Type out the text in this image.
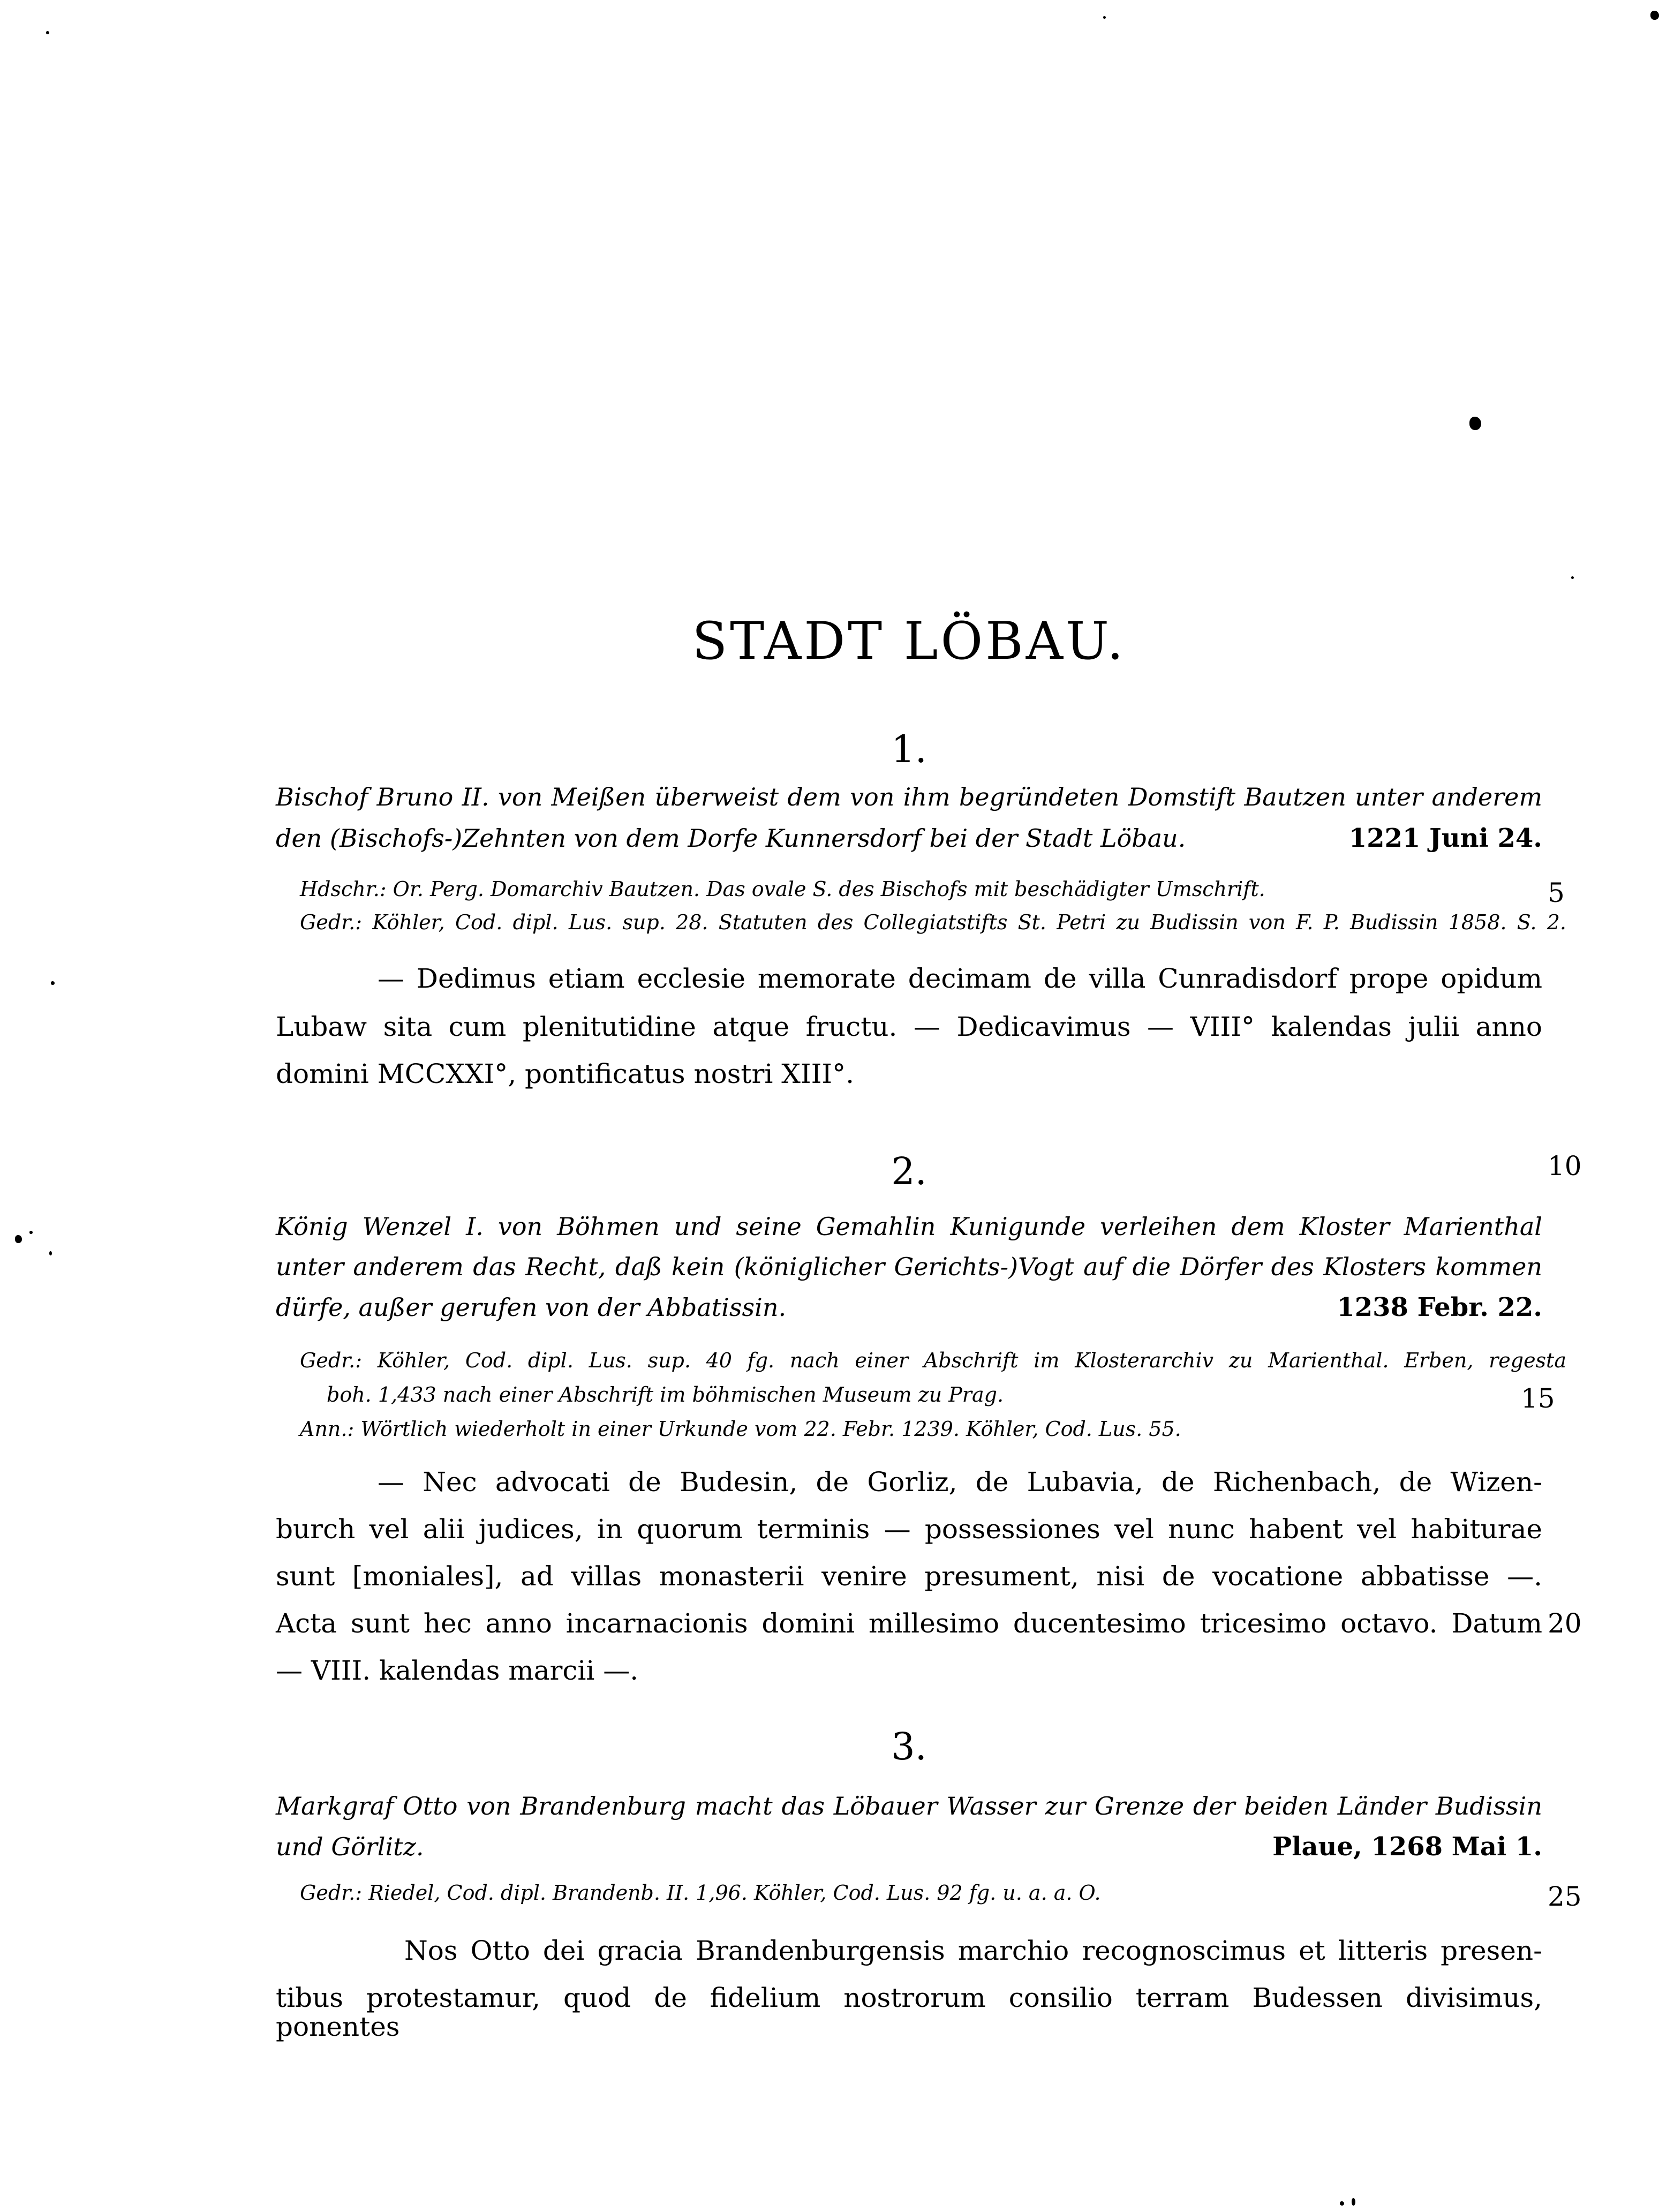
STADT LÖBAU.
1.
Bischof Bruno II. von Meißen überweist dem von ihm begründeten Domstift Bautzen unter anderem
den (Bischofs-)Zehnten von dem Dorfe Kunnersdorf bei der Stadt Löbau.	1221 Juni 24.
Hdschr.: Or. Perg. Domarchiv Bautzen. Das ovale S. des Bischofs mit beschädigter Umschrift.	5
Gedr.: Köhler, Cod. dipl. Lus. sup. 28. Statuten des Collegiatstifts St. Petri zu Budissin von F. P. Budissin 1858. S. 2.
— Dedimus etiam ecclesie memorate decimam de villa Cunradisdorf prope opidum
Lubaw sita cum plenitutidine atque fructu. — Dedicavimus — VIII° kalendas julii anno
domini MCCXXI°, pontificatus nostri XIII°.
2.	10
König Wenzel I. von Böhmen und seine Gemahlin Kunigunde verleihen dem Kloster Marienthal
unter anderem das Recht, daß kein (königlicher Gerichts-)Vogt auf die Dörfer des Klosters kommen
dürfe, außer gerufen von der Abbatissin.	1238 Febr. 22.
Gedr.: Köhler, Cod. dipl. Lus. sup. 40 fg. nach einer Abschrift im Klosterarchiv zu Marienthal. Erben, regesta
boh. 1,433 nach einer Abschrift im böhmischen Museum zu Prag.	15
Ann.: Wörtlich wiederholt in einer Urkunde vom 22. Febr. 1239. Köhler, Cod. Lus. 55.
— Nec advocati de Budesin, de Gorliz, de Lubavia, de Richenbach, de Wizen-
burch vel alii judices, in quorum terminis — possessiones vel nunc habent vel habiturae
sunt [moniales], ad villas monasterii venire presument, nisi de vocatione abbatisse —.
Acta sunt hec anno incarnacionis domini millesimo ducentesimo tricesimo octavo. Datum 20
— VIII. kalendas marcii —.
3.
Markgraf Otto von Brandenburg macht das Löbauer Wasser zur Grenze der beiden Länder Budissin
und Görlitz.	Plaue, 1268 Mai 1.
Gedr.: Riedel, Cod. dipl. Brandenb. II. 1,96. Köhler, Cod. Lus. 92 fg. u. a. a. O.	25
Nos Otto dei gracia Brandenburgensis marchio recognoscimus et litteris presen-
tibus protestamur, quod de fidelium nostrorum consilio terram Budessen divisimus, ponentes
